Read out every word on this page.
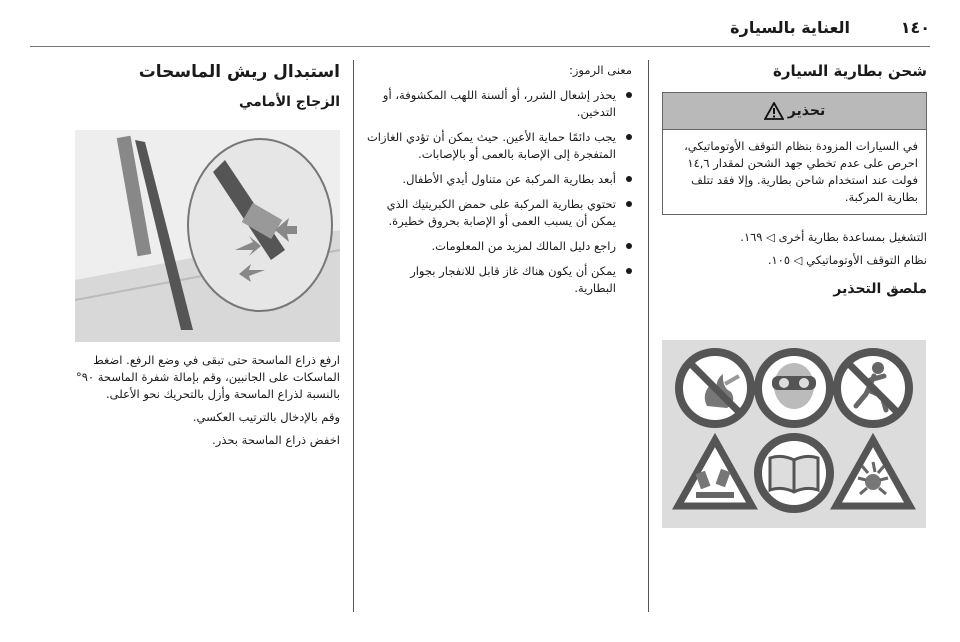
١٤٠
العناية بالسيارة
شحن بطارية السيارة
تحذير
في السيارات المزودة بنظام التوقف الأوتوماتيكي، احرص على عدم تخطي جهد الشحن لمقدار ١٤,٦ فولت عند استخدام شاحن بطارية. وإلا فقد تتلف بطارية المركبة.

التشغيل بمساعدة بطارية أخرى ◁ ١٦٩.

نظام التوقف الأوتوماتيكي ◁ ١٠٥.

ملصق التحذير

معنى الرموز:

يحذر إشعال الشرر، أو ألسنة اللهب المكشوفة، أو التدخين.
يجب دائمًا حماية الأعين. حيث يمكن أن تؤدي الغازات المتفجرة إلى الإصابة بالعمى أو بالإصابات.
أبعد بطارية المركبة عن متناول أيدي الأطفال.
تحتوي بطارية المركبة على حمض الكبريتيك الذي يمكن أن يسبب العمى أو الإصابة بحروق خطيرة.
راجع دليل المالك لمزيد من المعلومات.
يمكن أن يكون هناك غاز قابل للانفجار بجوار البطارية.
استبدال ريش الماسحات
الزجاج الأمامي

ارفع ذراع الماسحة حتى تبقى في وضع الرفع. اضغط الماسكات على الجانبين، وقم بإمالة شفرة الماسحة ٩٠° بالنسبة لذراع الماسحة وأزل بالتحريك نحو الأعلى.

وقم بالإدخال بالترتيب العكسي.

اخفض ذراع الماسحة بحذر.
